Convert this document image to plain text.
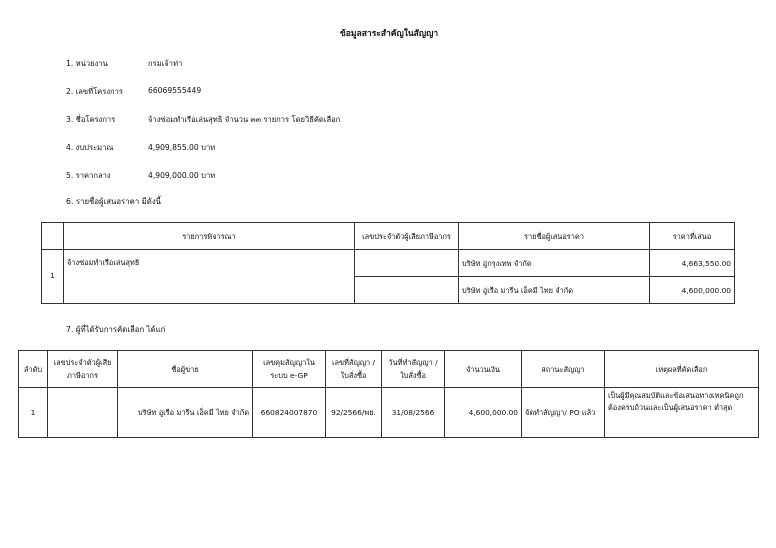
ข้อมูลสาระสำคัญในสัญญา
1. หน่วยงาน	กรมเจ้าท่า
2. เลขที่โครงการ	66069555449
3. ชื่อโครงการ	จ้างซ่อมทำเรือเล่นสุทธิ จำนวน ๓๓ รายการ โดยวิธีคัดเลือก
4. งบประมาณ	4,909,855.00 บาท
5. ราคากลาง	4,909,000.00 บาท
6. รายชื่อผู้เสนอราคา มีดังนี้
	รายการพิจารณา	เลขประจำตัวผู้เสียภาษีอากร	รายชื่อผู้เสนอราคา	ราคาที่เสนอ
1	จ้างซ่อมทำเรือเล่นสุทธิ		บริษัท อู่กรุงเทพ จำกัด	4,663,550.00
			บริษัท อู่เรือ มารีน เอ็คมี ไทย จำกัด	4,600,000.00
7. ผู้ที่ได้รับการคัดเลือก ได้แก่
ลำดับ	เลขประจำตัวผู้เสียภาษีอากร	ชื่อผู้ขาย	เลขคุมสัญญาในระบบ e-GP	เลขที่สัญญา / ใบสั่งซื้อ	วันที่ทำสัญญา / ใบสั่งซื้อ	จำนวนเงิน	สถานะสัญญา	เหตุผลที่คัดเลือก
1		บริษัท อู่เรือ มารีน เอ็คมี ไทย จำกัด	660824007870	92/2566/พย.	31/08/2566	4,600,000.00	จัดทำสัญญา/ PO แล้ว	เป็นผู้มีคุณสมบัติและข้อเสนอทางเทคนิคถูกต้องครบถ้วนและเป็นผู้เสนอราคา ต่ำสุด
